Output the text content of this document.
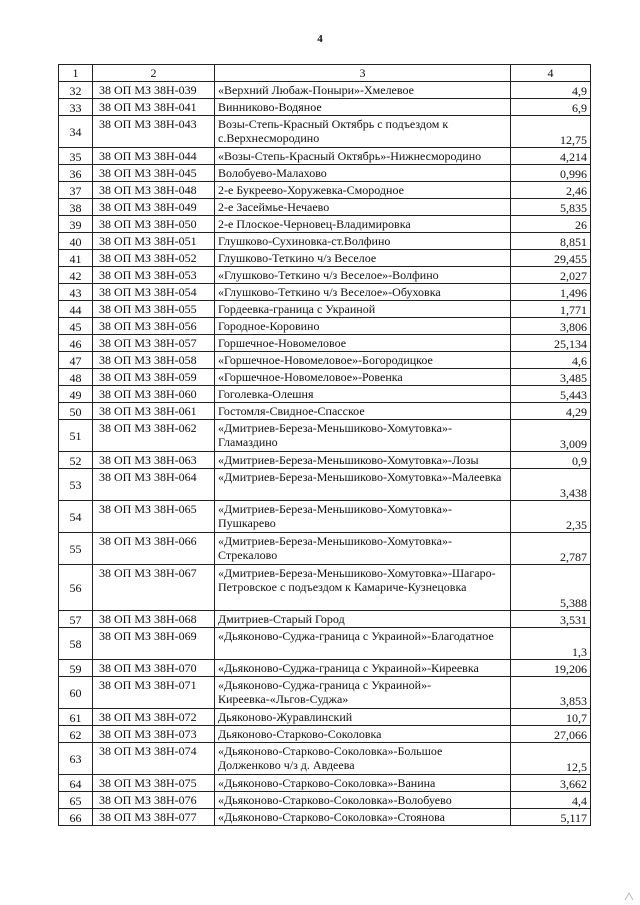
4
1	2	3	4
32	38 ОП МЗ 38Н-039	«Верхний Любаж-Поныри»-Хмелевое	4,9
33	38 ОП МЗ 38Н-041	Винниково-Водяное	6,9
34	38 ОП МЗ 38Н-043	Возы-Степь-Красный Октябрь с подъездом к с.Верхнесмородино	12,75
35	38 ОП МЗ 38Н-044	«Возы-Степь-Красный Октябрь»-Нижнесмородино	4,214
36	38 ОП МЗ 38Н-045	Волобуево-Малахово	0,996
37	38 ОП МЗ 38Н-048	2-е Букреево-Хоружевка-Смородное	2,46
38	38 ОП МЗ 38Н-049	2-е Засеймье-Нечаево	5,835
39	38 ОП МЗ 38Н-050	2-е Плоское-Черновец-Владимировка	26
40	38 ОП МЗ 38Н-051	Глушково-Сухиновка-ст.Волфино	8,851
41	38 ОП МЗ 38Н-052	Глушково-Теткино ч/з Веселое	29,455
42	38 ОП МЗ 38Н-053	«Глушково-Теткино ч/з Веселое»-Волфино	2,027
43	38 ОП МЗ 38Н-054	«Глушково-Теткино ч/з Веселое»-Обуховка	1,496
44	38 ОП МЗ 38Н-055	Гордеевка-граница с Украиной	1,771
45	38 ОП МЗ 38Н-056	Городное-Коровино	3,806
46	38 ОП МЗ 38Н-057	Горшечное-Новомеловое	25,134
47	38 ОП МЗ 38Н-058	«Горшечное-Новомеловое»-Богородицкое	4,6
48	38 ОП МЗ 38Н-059	«Горшечное-Новомеловое»-Ровенка	3,485
49	38 ОП МЗ 38Н-060	Гоголевка-Олешня	5,443
50	38 ОП МЗ 38Н-061	Гостомля-Свидное-Спасское	4,29
51	38 ОП МЗ 38Н-062	«Дмитриев-Береза-Меньшиково-Хомутовка»-Гламаздино	3,009
52	38 ОП МЗ 38Н-063	«Дмитриев-Береза-Меньшиково-Хомутовка»-Лозы	0,9
53	38 ОП МЗ 38Н-064	«Дмитриев-Береза-Меньшиково-Хомутовка»-Малеевка	3,438
54	38 ОП МЗ 38Н-065	«Дмитриев-Береза-Меньшиково-Хомутовка»-Пушкарево	2,35
55	38 ОП МЗ 38Н-066	«Дмитриев-Береза-Меньшиково-Хомутовка»-Стрекалово	2,787
56	38 ОП МЗ 38Н-067	«Дмитриев-Береза-Меньшиково-Хомутовка»-Шагаро-Петровское с подъездом к Камариче-Кузнецовка	5,388
57	38 ОП МЗ 38Н-068	Дмитриев-Старый Город	3,531
58	38 ОП МЗ 38Н-069	«Дьяконово-Суджа-граница с Украиной»-Благодатное	1,3
59	38 ОП МЗ 38Н-070	«Дьяконово-Суджа-граница с Украиной»-Киреевка	19,206
60	38 ОП МЗ 38Н-071	«Дьяконово-Суджа-граница с Украиной»-Киреевка-«Льгов-Суджа»	3,853
61	38 ОП МЗ 38Н-072	Дьяконово-Журавлинский	10,7
62	38 ОП МЗ 38Н-073	Дьяконово-Старково-Соколовка	27,066
63	38 ОП МЗ 38Н-074	«Дьяконово-Старково-Соколовка»-Большое Долженково ч/з д. Авдеева	12,5
64	38 ОП МЗ 38Н-075	«Дьяконово-Старково-Соколовка»-Ванина	3,662
65	38 ОП МЗ 38Н-076	«Дьяконово-Старково-Соколовка»-Волобуево	4,4
66	38 ОП МЗ 38Н-077	«Дьяконово-Старково-Соколовка»-Стоянова	5,117
